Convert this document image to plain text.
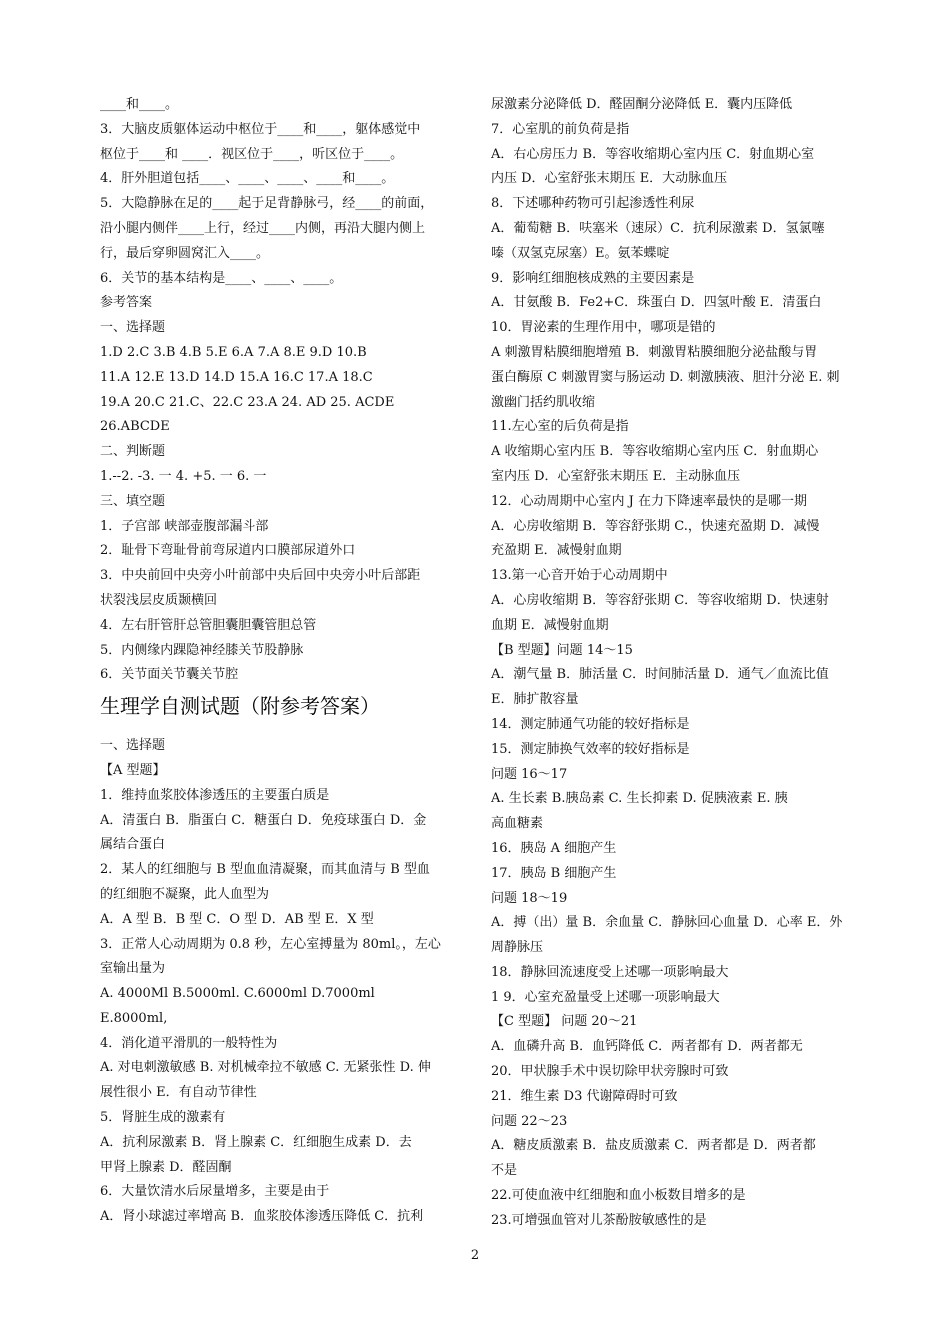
____和____。
3．大脑皮质躯体运动中枢位于____和____，躯体感觉中
枢位于____和 ____．视区位于____，听区位于____。
4．肝外胆道包括____、____、____、____和____。
5．大隐静脉在足的____起于足背静脉弓，经____的前面，
沿小腿内侧伴____上行，经过____内侧，再沿大腿内侧上
行，最后穿卵圆窝汇入____。
6．关节的基本结构是____、____、____。
参考答案
一、选择题
1.D 2.C 3.B 4.B 5.E 6.A 7.A 8.E 9.D 10.B
11.A 12.E 13.D 14.D 15.A 16.C 17.A 18.C
19.A 20.C 21.C、22.C 23.A 24. AD 25. ACDE
26.ABCDE
二、判断题
1.--2. -3. 一 4. +5. 一 6. 一
三、填空题
1．子宫部 峡部壶腹部漏斗部
2．耻骨下弯耻骨前弯尿道内口膜部尿道外口
3．中央前回中央旁小叶前部中央后回中央旁小叶后部距
状裂浅层皮质颞横回
4．左右肝管肝总管胆囊胆囊管胆总管
5．内侧缘内踝隐神经膝关节股静脉
6．关节面关节囊关节腔
生理学自测试题（附参考答案）
一、选择题
【A 型题】
1．维持血浆胶体渗透压的主要蛋白质是
A．清蛋白 B．脂蛋白 C．糖蛋白 D．免疫球蛋白 D．金
属结合蛋白
2．某人的红细胞与 B 型血血清凝聚，而其血清与 B 型血
的红细胞不凝聚，此人血型为
A．A 型 B．B 型 C．O 型 D．AB 型 E．X 型
3．正常人心动周期为 0.8 秒，左心室搏量为 80ml。，左心
室输出量为
A. 4000Ml B.5000ml. C.6000ml D.7000ml
E.8000ml,
4．消化道平滑肌的一般特性为
A. 对电刺激敏感 B. 对机械牵拉不敏感 C. 无紧张性 D. 伸
展性很小 E．有自动节律性
5．肾脏生成的激素有
A．抗利尿激素 B．肾上腺素 C．红细胞生成素 D．去
甲肾上腺素 D．醛固酮
6．大量饮清水后尿量增多，主要是由于
A．肾小球滤过率增高 B．血浆胶体渗透压降低 C．抗利
尿激素分泌降低 D．醛固酮分泌降低 E．囊内压降低
7．心室肌的前负荷是指
A．右心房压力 B．等容收缩期心室内压 C．射血期心室
内压 D．心室舒张末期压 E．大动脉血压
8．下述哪种药物可引起渗透性利尿
A．葡萄糖 B．呋塞米（速尿）C．抗利尿激素 D．氢氯噻
嗪（双氢克尿塞）E。氨苯蝶啶
9．影响红细胞核成熟的主要因素是
A．甘氨酸 B．Fe2+C．珠蛋白 D．四氢叶酸 E．清蛋白
10．胃泌素的生理作用中，哪项是错的
A 刺激胃粘膜细胞增殖 B．刺激胃粘膜细胞分泌盐酸与胃
蛋白酶原 C 刺激胃窦与肠运动 D. 刺激胰液、胆汁分泌 E. 刺
激幽门括约肌收缩
11.左心室的后负荷是指
A 收缩期心室内压 B．等容收缩期心室内压 C．射血期心
室内压 D．心室舒张末期压 E．主动脉血压
12．心动周期中心室内 J 在力下降速率最快的是哪一期
A．心房收缩期 B．等容舒张期 C.，快速充盈期 D．减慢
充盈期 E．减慢射血期
13.第一心音开始于心动周期中
A．心房收缩期 B．等容舒张期 C．等容收缩期 D．快速射
血期 E．减慢射血期
【B 型题】问题 14～15
A．潮气量 B．肺活量 C．时间肺活量 D．通气／血流比值
E．肺扩散容量
14．测定肺通气功能的较好指标是
15．测定肺换气效率的较好指标是
问题 16～17
A. 生长素 B.胰岛素 C. 生长抑素 D. 促胰液素 E. 胰
高血糖素
16．胰岛 A 细胞产生
17．胰岛 B 细胞产生
问题 18～19
A．搏（出）量 B．余血量 C．静脉回心血量 D．心率 E．外
周静脉压
18．静脉回流速度受上述哪一项影响最大
1 9．心室充盈量受上述哪一项影响最大
【C 型题】 问题 20～21
A．血磷升高 B．血钙降低 C．两者都有 D．两者都无
20．甲状腺手术中误切除甲状旁腺时可致
21．维生素 D3 代谢障碍时可致
问题 22～23
A．糖皮质激素 B．盐皮质激素 C．两者都是 D．两者都
不是
22.可使血液中红细胞和血小板数目增多的是
23.可增强血管对儿茶酚胺敏感性的是
2
